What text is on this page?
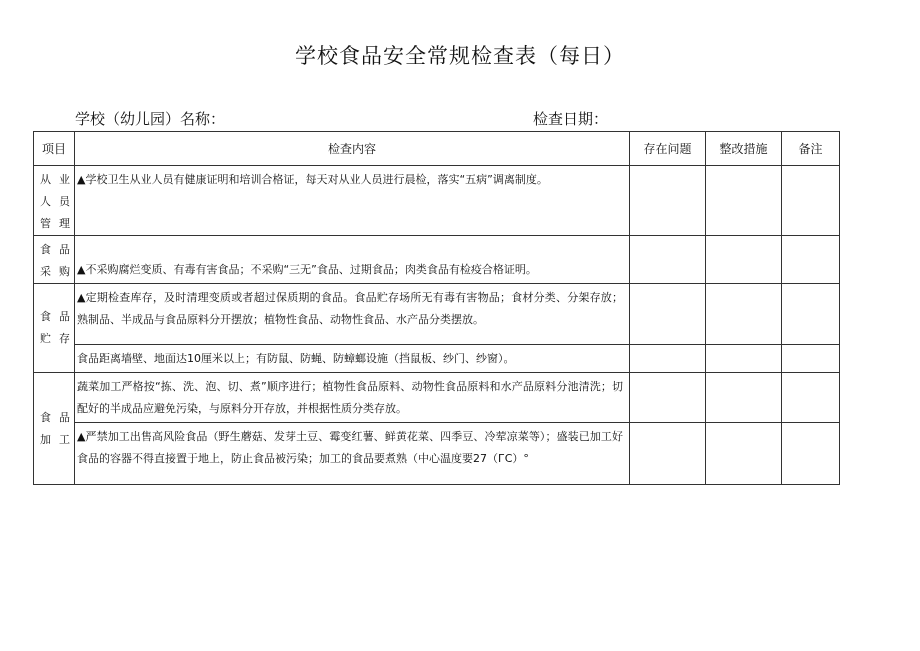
学校食品安全常规检查表（每日）
学校（幼儿园）名称：	检查日期：
项目	检查内容	存在问题	整改措施	备注
从业人员管理	▲学校卫生从业人员有健康证明和培训合格证，每天对从业人员进行晨检，落实“五病”调离制度。			
食品采购	▲不采购腐烂变质、有毒有害食品；不采购“三无”食品、过期食品；肉类食品有检疫合格证明。			
食品贮存	▲定期检查库存，及时清理变质或者超过保质期的食品。食品贮存场所无有毒有害物品；食材分类、分架存放；熟制品、半成品与食品原料分开摆放；植物性食品、动物性食品、水产品分类摆放。			
	食品距离墙壁、地面达10厘米以上；有防鼠、防蝇、防蟑螂设施（挡鼠板、纱门、纱窗）。			
食品加工	蔬菜加工严格按“拣、洗、泡、切、煮”顺序进行；植物性食品原料、动物性食品原料和水产品原料分池清洗；切配好的半成品应避免污染，与原料分开存放，并根据性质分类存放。			
	▲严禁加工出售高风险食品（野生蘑菇、发芽土豆、霉变红薯、鲜黄花菜、四季豆、冷荤凉菜等）；盛装已加工好食品的容器不得直接置于地上，防止食品被污染；加工的食品要煮熟（中心温度要27（ГС）°			
